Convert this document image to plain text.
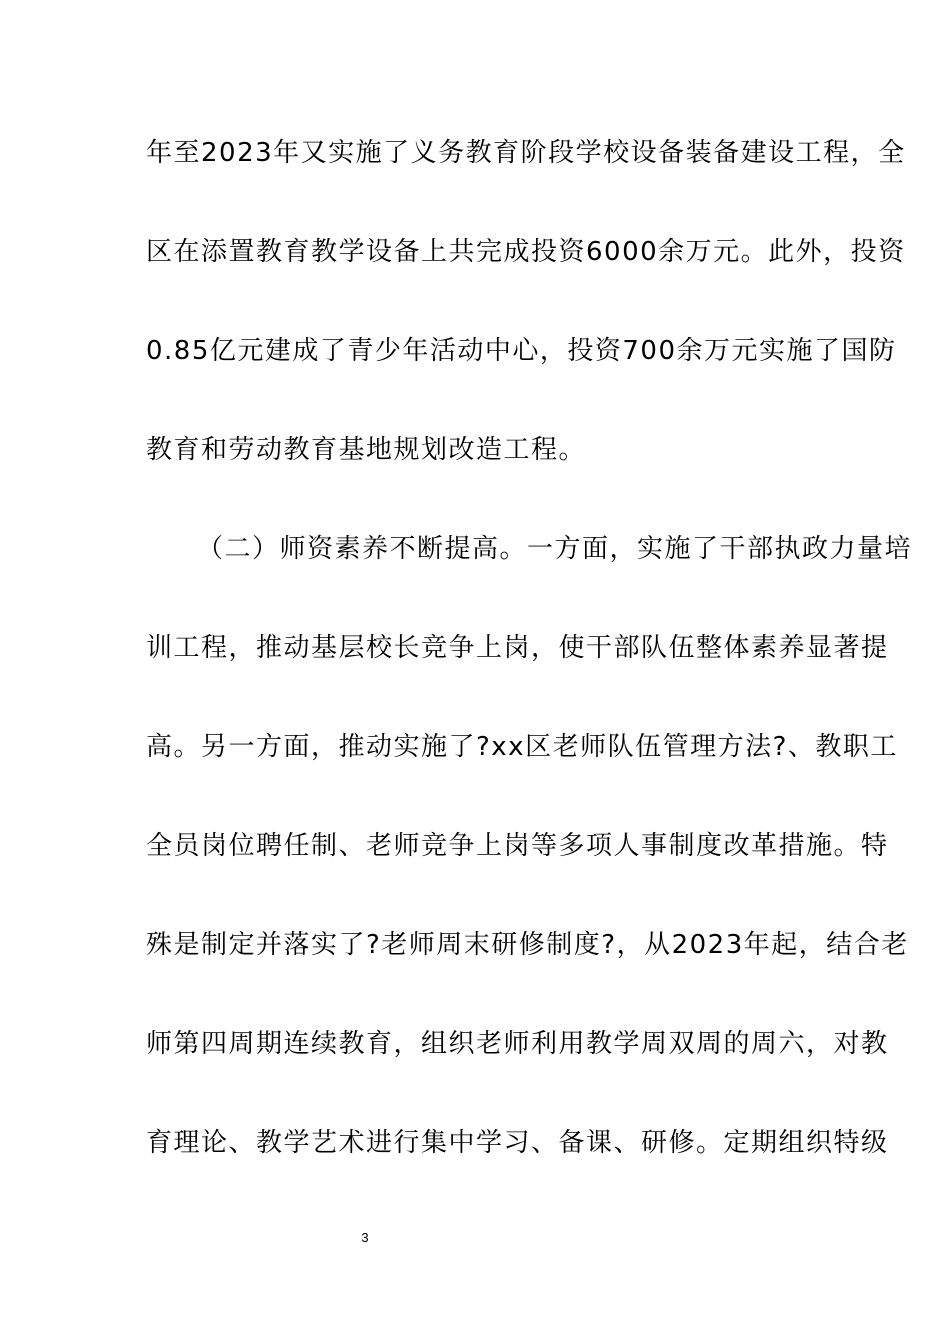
年至2023年又实施了义务教育阶段学校设备装备建设工程，全
区在添置教育教学设备上共完成投资6000余万元。此外，投资
0.85亿元建成了青少年活动中心，投资700余万元实施了国防
教育和劳动教育基地规划改造工程。
（二）师资素养不断提高。一方面，实施了干部执政力量培
训工程，推动基层校长竞争上岗，使干部队伍整体素养显著提
高。另一方面，推动实施了?xx区老师队伍管理方法?、教职工
全员岗位聘任制、老师竞争上岗等多项人事制度改革措施。特
殊是制定并落实了?老师周末研修制度?，从2023年起，结合老
师第四周期连续教育，组织老师利用教学周双周的周六，对教
育理论、教学艺术进行集中学习、备课、研修。定期组织特级
3
